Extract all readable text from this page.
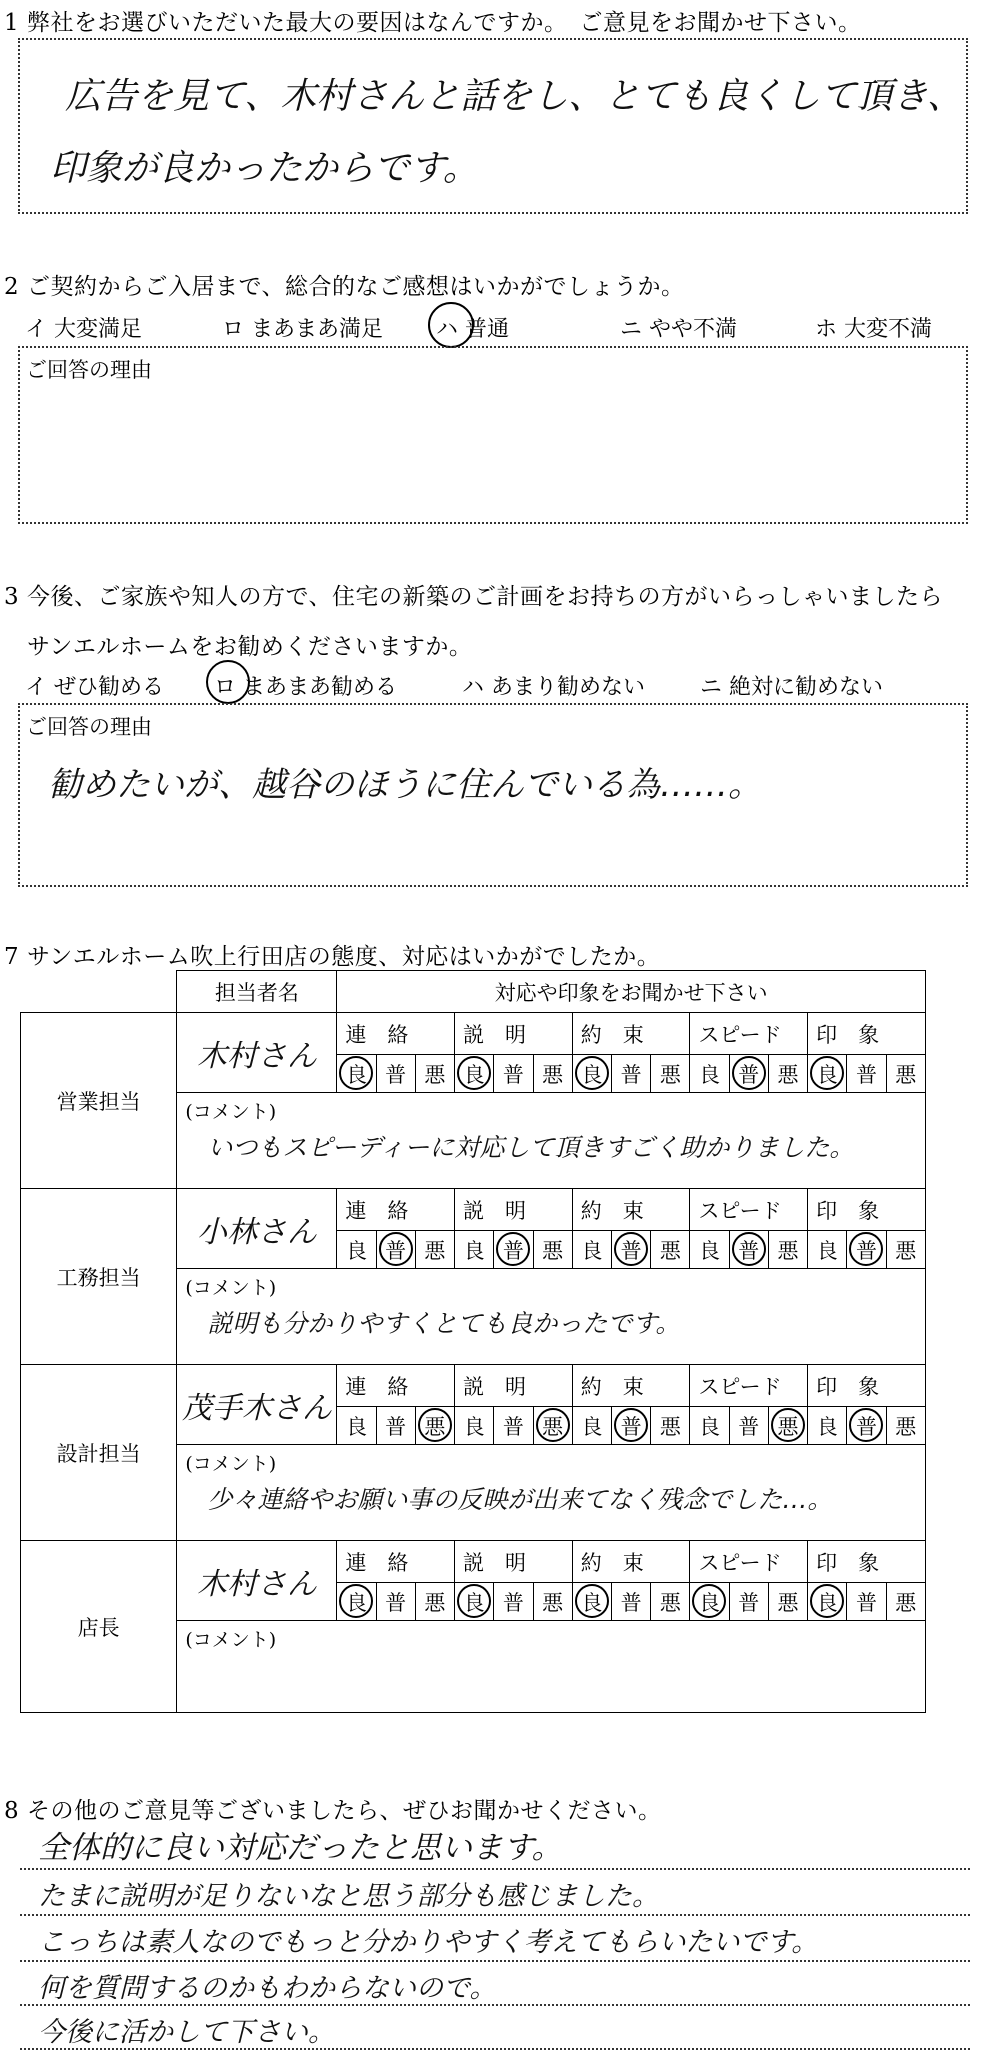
1 弊社をお選びいただいた最大の要因はなんですか。　ご意見をお聞かせ下さい。
広告を見て、木村さんと話をし、とても良くして頂き、
印象が良かったからです。
2 ご契約からご入居まで、総合的なご感想はいかがでしょうか。
イ 大変満足	ロ まあまあ満足 ハ 普通	ニ やや不満	ホ 大変不満
ご回答の理由
3 今後、ご家族や知人の方で、住宅の新築のご計画をお持ちの方がいらっしゃいましたら
サンエルホームをお勧めくださいますか。
イ ぜひ勧める ロ まあまあ勧める	ハ あまり勧めない	ニ 絶対に勧めない
ご回答の理由
勧めたいが、越谷のほうに住んでいる為……。
7 サンエルホーム吹上行田店の態度、対応はいかがでしたか。
	担当者名	対応や印象をお聞かせ下さい														
営業担当	木村さん	連　絡			説　明			約　束			スピード			印　象		
		良	普	悪	良	普	悪	良	普	悪	良	普	悪	良	普	悪

	(コメント)
いつもスピーディーに対応して頂きすごく助かりました。															

工務担当	小林さん	連　絡			説　明			約　束			スピード			印　象		
		良	普	悪	良	普	悪	良	普	悪	良	普	悪	良	普	悪

	(コメント)
説明も分かりやすくとても良かったです。															

設計担当	茂手木さん	連　絡			説　明			約　束			スピード			印　象		
		良	普	悪	良	普	悪	良	普	悪	良	普	悪	良	普	悪

	(コメント)
少々連絡やお願い事の反映が出来てなく残念でした…。															

店長	木村さん	連　絡			説　明			約　束			スピード			印　象		
		良	普	悪	良	普	悪	良	普	悪	良	普	悪	良	普	悪

	(コメント)															
8 その他のご意見等ございましたら、ぜひお聞かせください。
全体的に良い対応だったと思います。
たまに説明が足りないなと思う部分も感じました。
こっちは素人なのでもっと分かりやすく考えてもらいたいです。
何を質問するのかもわからないので。
今後に活かして下さい。
